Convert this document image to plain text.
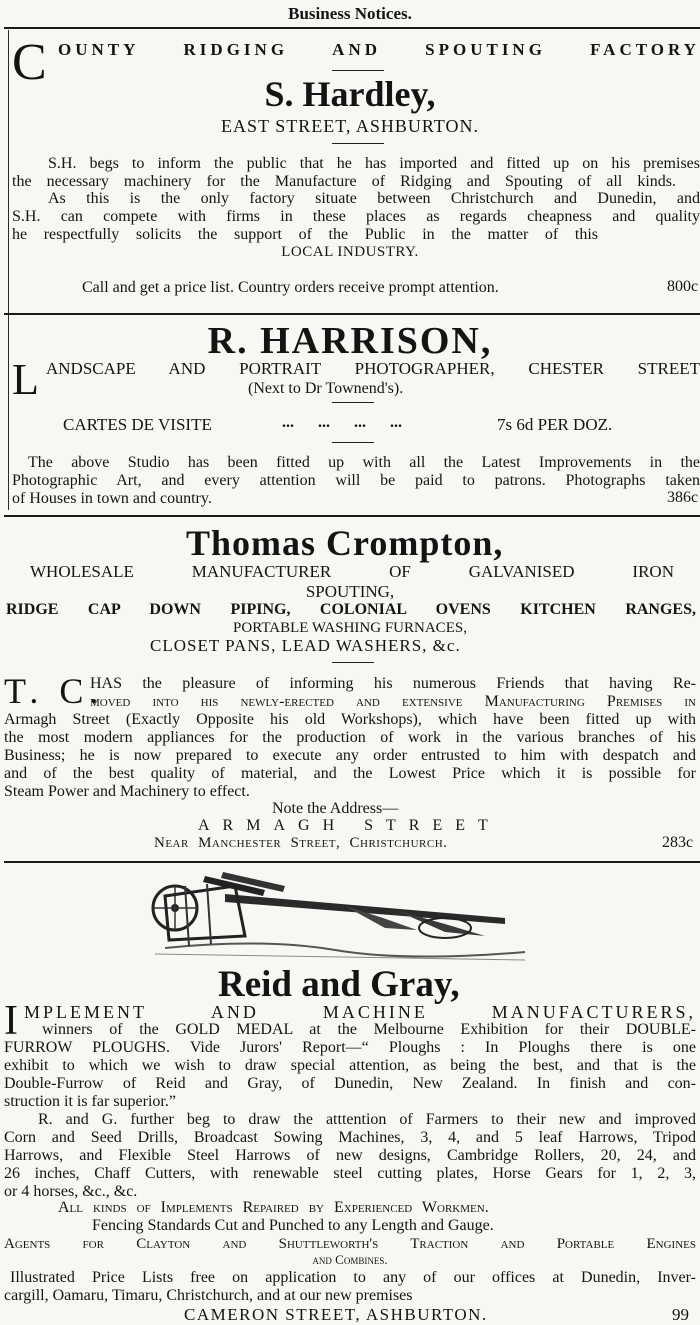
Business Notices.
C OUNTY	RIDGING	AND	SPOUTING	FACTORY
S. Hardley,
EAST STREET, ASHBURTON.
S.H. begs to inform the public that he has imported and fitted up on his premises
the necessary machinery for the Manufacture of Ridging and Spouting of all kinds.
As this is the only factory situate between Christchurch and Dunedin, and
S.H. can compete with firms in these places as regards cheapness and quality
he respectfully solicits the support of the Public in the matter of this
LOCAL INDUSTRY.
Call and get a price list. Country orders receive prompt attention.	800c
R. HARRISON,
L ANDSCAPE AND PORTRAIT PHOTOGRAPHER, CHESTER STREET
(Next to Dr Townend's).
CARTES DE VISITE	...      ...      ...      ...	7s 6d PER DOZ.
The above Studio has been fitted up with all the Latest Improvements in the
Photographic Art, and every attention will be paid to patrons. Photographs taken
of Houses in town and country.	386c
Thomas Crompton,
WHOLESALE MANUFACTURER OF GALVANISED IRON
SPOUTING,
RIDGE CAP DOWN PIPING, COLONIAL OVENS KITCHEN RANGES,
PORTABLE WASHING FURNACES,
CLOSET PANS, LEAD WASHERS, &c.
T. C.
HAS the pleasure of informing his numerous Friends that having Re-
moved into his newly-erected and extensive Manufacturing Premises in
Armagh Street (Exactly Opposite his old Workshops), which have been fitted up with
the most modern appliances for the production of work in the various branches of his
Business; he is now prepared to execute any order entrusted to him with despatch and
and of the best quality of material, and the Lowest Price which it is possible for
Steam Power and Machinery to effect.
Note the Address—
ARMAGH STREET
Near Manchester Street, Christchurch.	283c
Reid and Gray,
I MPLEMENT	AND	MACHINE	MANUFACTURERS,
winners of the GOLD MEDAL at the Melbourne Exhibition for their DOUBLE-
FURROW PLOUGHS. Vide Jurors' Report—“ Ploughs : In Ploughs there is one
exhibit to which we wish to draw special attention, as being the best, and that is the
Double-Furrow of Reid and Gray, of Dunedin, New Zealand. In finish and con-
struction it is far superior.”
R. and G. further beg to draw the atttention of Farmers to their new and improved
Corn and Seed Drills, Broadcast Sowing Machines, 3, 4, and 5 leaf Harrows, Tripod
Harrows, and Flexible Steel Harrows of new designs, Cambridge Rollers, 20, 24, and
26 inches, Chaff Cutters, with renewable steel cutting plates, Horse Gears for 1, 2, 3,
or 4 horses, &c., &c.
All kinds of Implements Repaired by Experienced Workmen.
Fencing Standards Cut and Punched to any Length and Gauge.
Agents for Clayton and Shuttleworth's Traction and Portable Engines
and Combines.
Illustrated Price Lists free on application to any of our offices at Dunedin, Inver-
cargill, Oamaru, Timaru, Christchurch, and at our new premises
CAMERON STREET, ASHBURTON.	99
